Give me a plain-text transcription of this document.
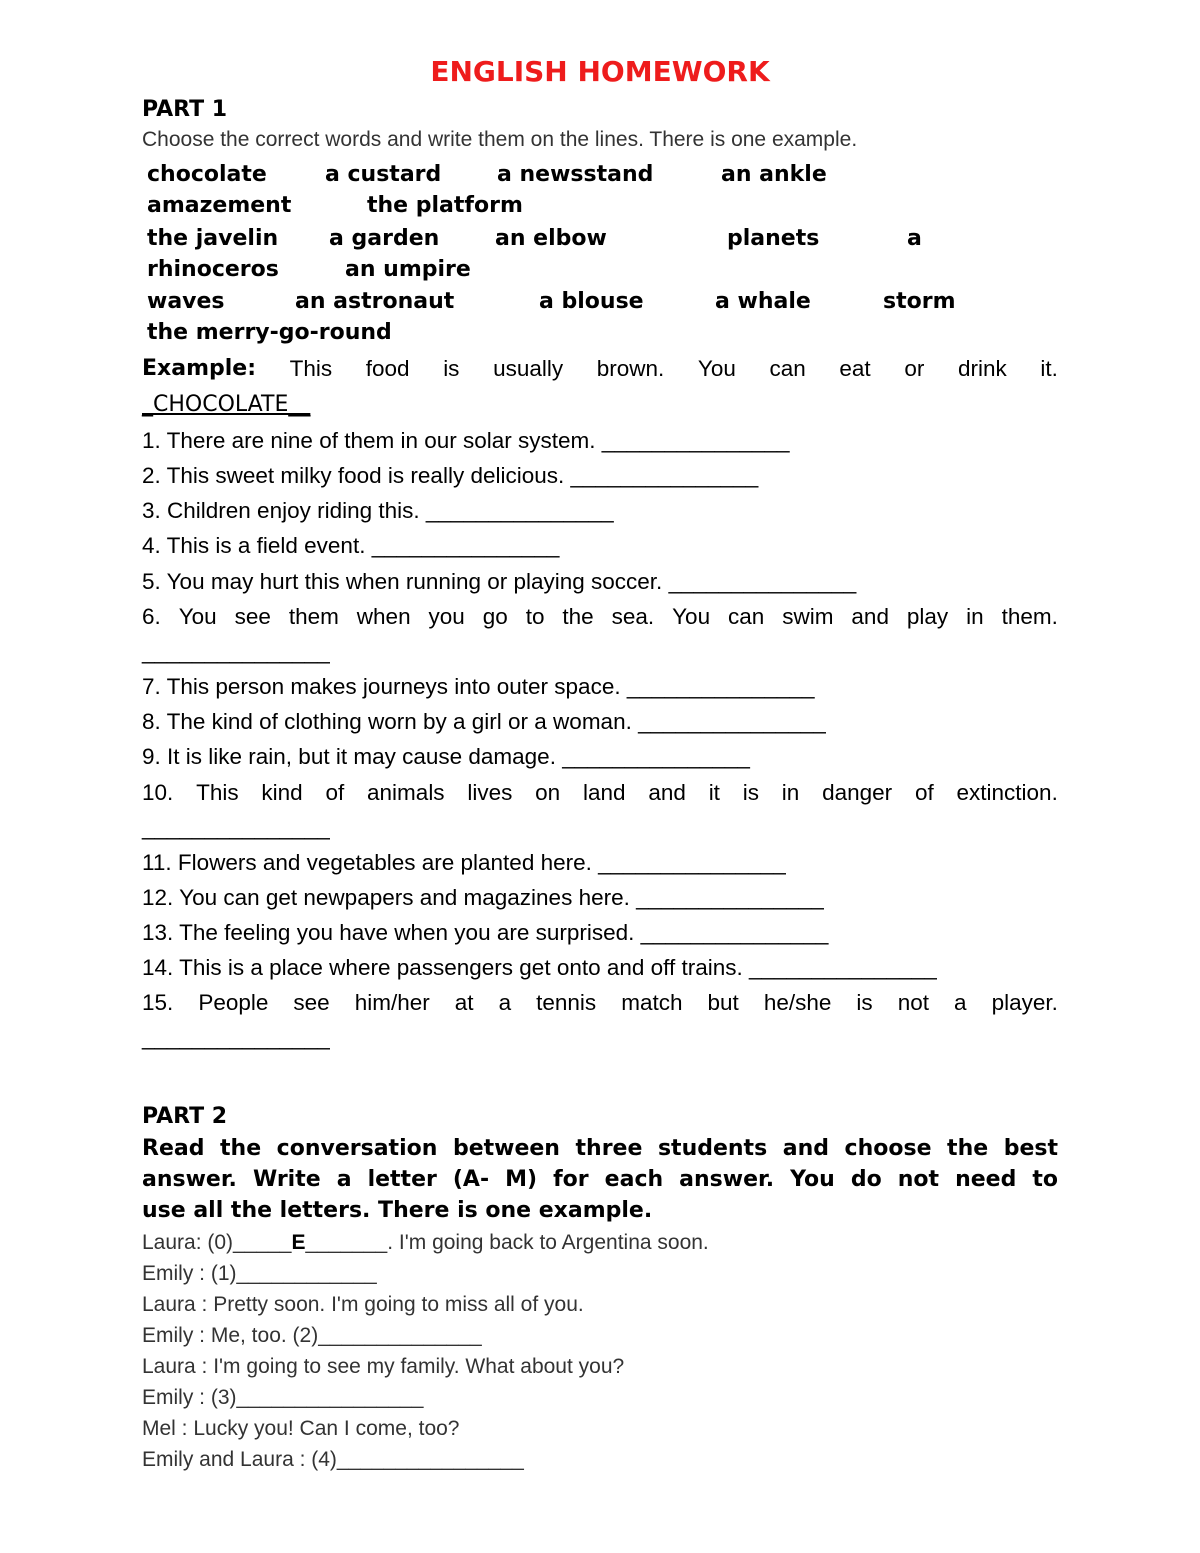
ENGLISH HOMEWORK

PART 1

Choose the correct words and write them on the lines. There is one example.

chocolate	a custard	a newsstand	an ankle
amazement	the platform
the javelin a garden	an elbow	planets	a
rhinoceros	an umpire
waves	an astronaut	a blouse	a whale	storm
the merry-go-round

Example: This food is usually brown. You can eat or drink it.

_CHOCOLATE__

1. There are nine of them in our solar system. _______________

2. This sweet milky food is really delicious. _______________

3. Children enjoy riding this. _______________

4. This is a field event. _______________

5. You may hurt this when running or playing soccer. _______________

6. You see them when you go to the sea. You can swim and play in them.

_______________

7. This person makes journeys into outer space. _______________

8. The kind of clothing worn by a girl or a woman. _______________

9. It is like rain, but it may cause damage. _______________

10. This kind of animals lives on land and it is in danger of extinction.

_______________

11. Flowers and vegetables are planted here. _______________

12. You can get newpapers and magazines here. _______________

13. The feeling you have when you are surprised. _______________

14. This is a place where passengers get onto and off trains. _______________

15. People see him/her at a tennis match but he/she is not a player.

_______________

PART 2

Read the conversation between three students and choose the best

answer. Write a letter (A- M) for each answer. You do not need to

use all the letters. There is one example.

Laura: (0)_____E_______. I'm going back to Argentina soon.

Emily : (1)____________

Laura : Pretty soon. I'm going to miss all of you.

Emily : Me, too. (2)______________

Laura : I'm going to see my family. What about you?

Emily : (3)________________

Mel : Lucky you! Can I come, too?

Emily and Laura : (4)________________
